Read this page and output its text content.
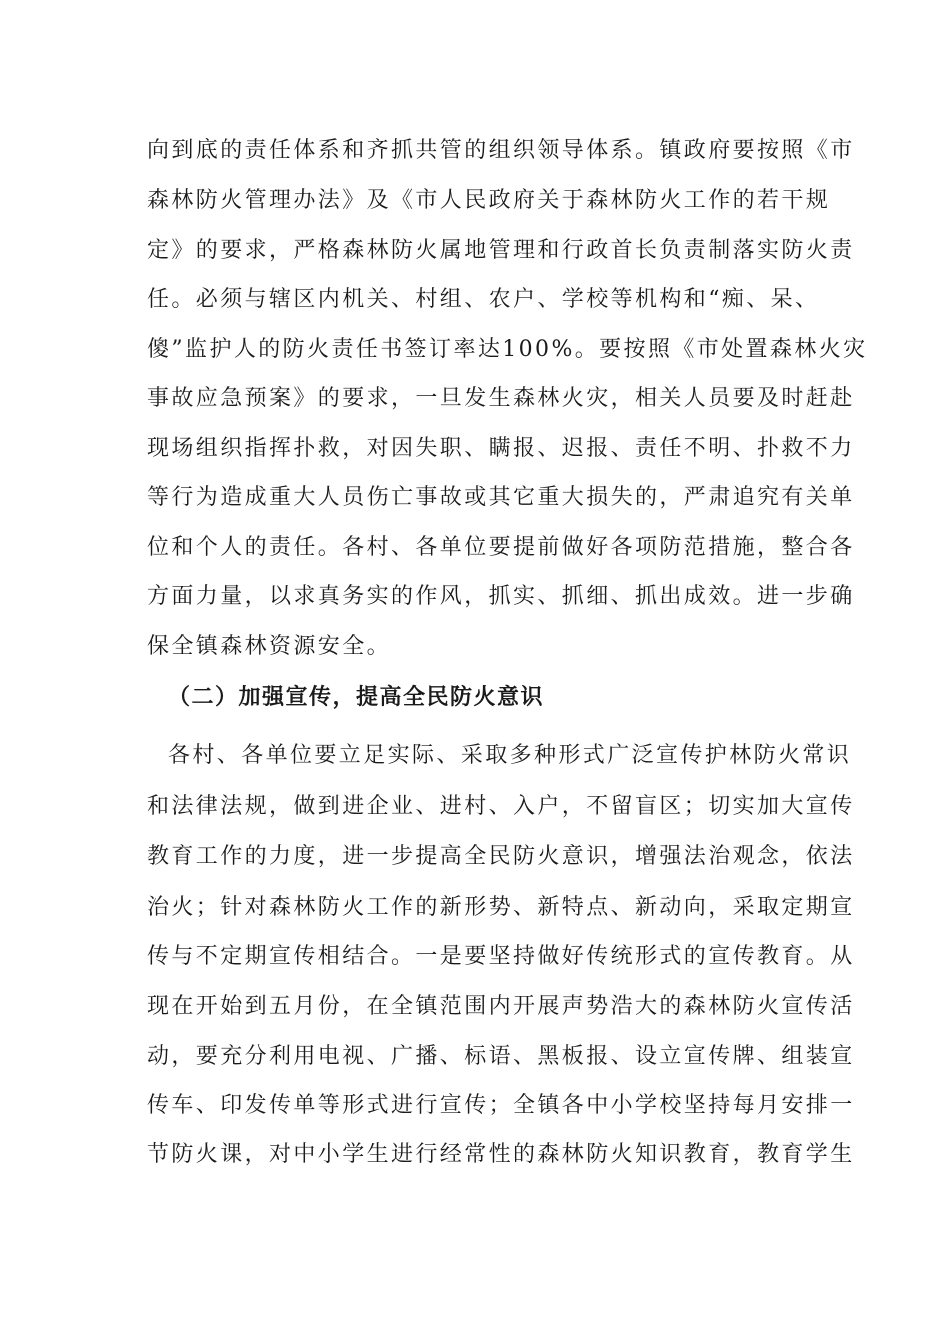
向到底的责任体系和齐抓共管的组织领导体系。镇政府要按照《市
森林防火管理办法》及《市人民政府关于森林防火工作的若干规
定》的要求，严格森林防火属地管理和行政首长负责制落实防火责
任。必须与辖区内机关、村组、农户、学校等机构和“痴、呆、
傻”监护人的防火责任书签订率达100%。要按照《市处置森林火灾
事故应急预案》的要求，一旦发生森林火灾，相关人员要及时赶赴
现场组织指挥扑救，对因失职、瞒报、迟报、责任不明、扑救不力
等行为造成重大人员伤亡事故或其它重大损失的，严肃追究有关单
位和个人的责任。各村、各单位要提前做好各项防范措施，整合各
方面力量，以求真务实的作风，抓实、抓细、抓出成效。进一步确
保全镇森林资源安全。
（二）加强宣传，提高全民防火意识
各村、各单位要立足实际、采取多种形式广泛宣传护林防火常识
和法律法规，做到进企业、进村、入户，不留盲区；切实加大宣传
教育工作的力度，进一步提高全民防火意识，增强法治观念，依法
治火；针对森林防火工作的新形势、新特点、新动向，采取定期宣
传与不定期宣传相结合。一是要坚持做好传统形式的宣传教育。从
现在开始到五月份，在全镇范围内开展声势浩大的森林防火宣传活
动，要充分利用电视、广播、标语、黑板报、设立宣传牌、组装宣
传车、印发传单等形式进行宣传；全镇各中小学校坚持每月安排一
节防火课，对中小学生进行经常性的森林防火知识教育，教育学生
